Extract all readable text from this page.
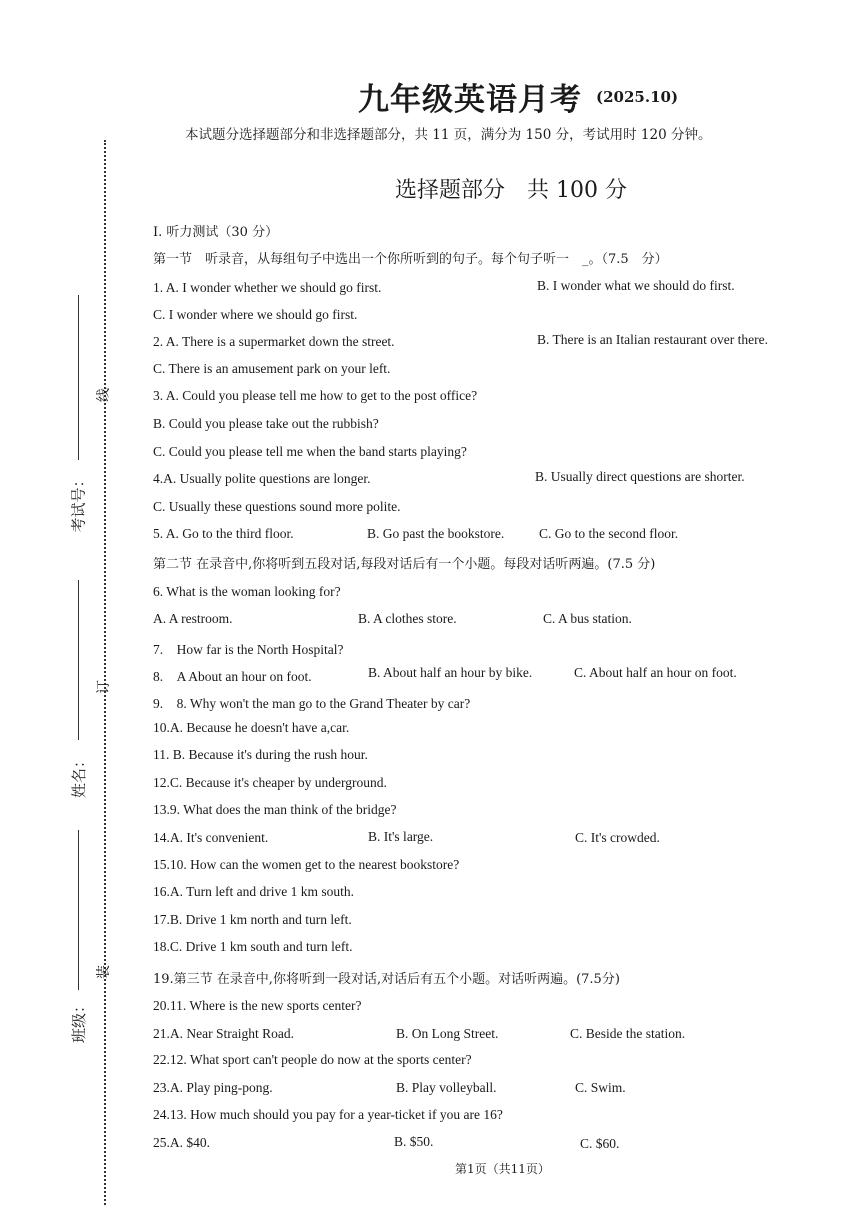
考试号：
姓名：
班级：
线
订
装
九年级英语月考 (2025.10)
本试题分选择题部分和非选择题部分，共 11 页，满分为 150 分，考试用时 120 分钟。
选择题部分　共 100 分
I. 听力测试（30 分）
第一节　听录音，从每组句子中选出一个你所听到的句子。每个句子听一　_。（7.5　分）
1. A. I wonder whether we should go first.	B. I wonder what we should do first.
C. I wonder where we should go first.
2. A. There is a supermarket down the street.	B. There is an Italian restaurant over there.
C. There is an amusement park on your left.
3. A. Could you please tell me how to get to the post office?
B. Could you please take out the rubbish?
C. Could you please tell me when the band starts playing?
4.A. Usually polite questions are longer.	B. Usually direct questions are shorter.
C. Usually these questions sound more polite.
5. A. Go to the third floor.	B. Go past the bookstore.	C. Go to the second floor.
第二节 在录音中,你将听到五段对话,每段对话后有一个小题。每段对话听两遍。(7.5 分)
6. What is the woman looking for?
A. A restroom.	B. A clothes store.	C. A bus station.
7.　How far is the North Hospital?
8.　A About an hour on foot.	B. About half an hour by bike.	C. About half an hour on foot.
9.　8. Why won't the man go to the Grand Theater by car?
10.A. Because he doesn't have a,car.
11. B. Because it's during the rush hour.
12.C. Because it's cheaper by underground.
13.9. What does the man think of the bridge?
14.A. It's convenient.	B. It's large.	C. It's crowded.
15.10. How can the women get to the nearest bookstore?
16.A. Turn left and drive 1 km south.
17.B. Drive 1 km north and turn left.
18.C. Drive 1 km south and turn left.
19.第三节 在录音中,你将听到一段对话,对话后有五个小题。对话听两遍。(7.5分)
20.11. Where is the new sports center?
21.A. Near Straight Road.	B. On Long Street.	C. Beside the station.
22.12. What sport can't people do now at the sports center?
23.A. Play ping-pong.	B. Play volleyball.	C. Swim.
24.13. How much should you pay for a year-ticket if you are 16?
25.A. $40.	B. $50.	C. $60.
第1页（共11页）
